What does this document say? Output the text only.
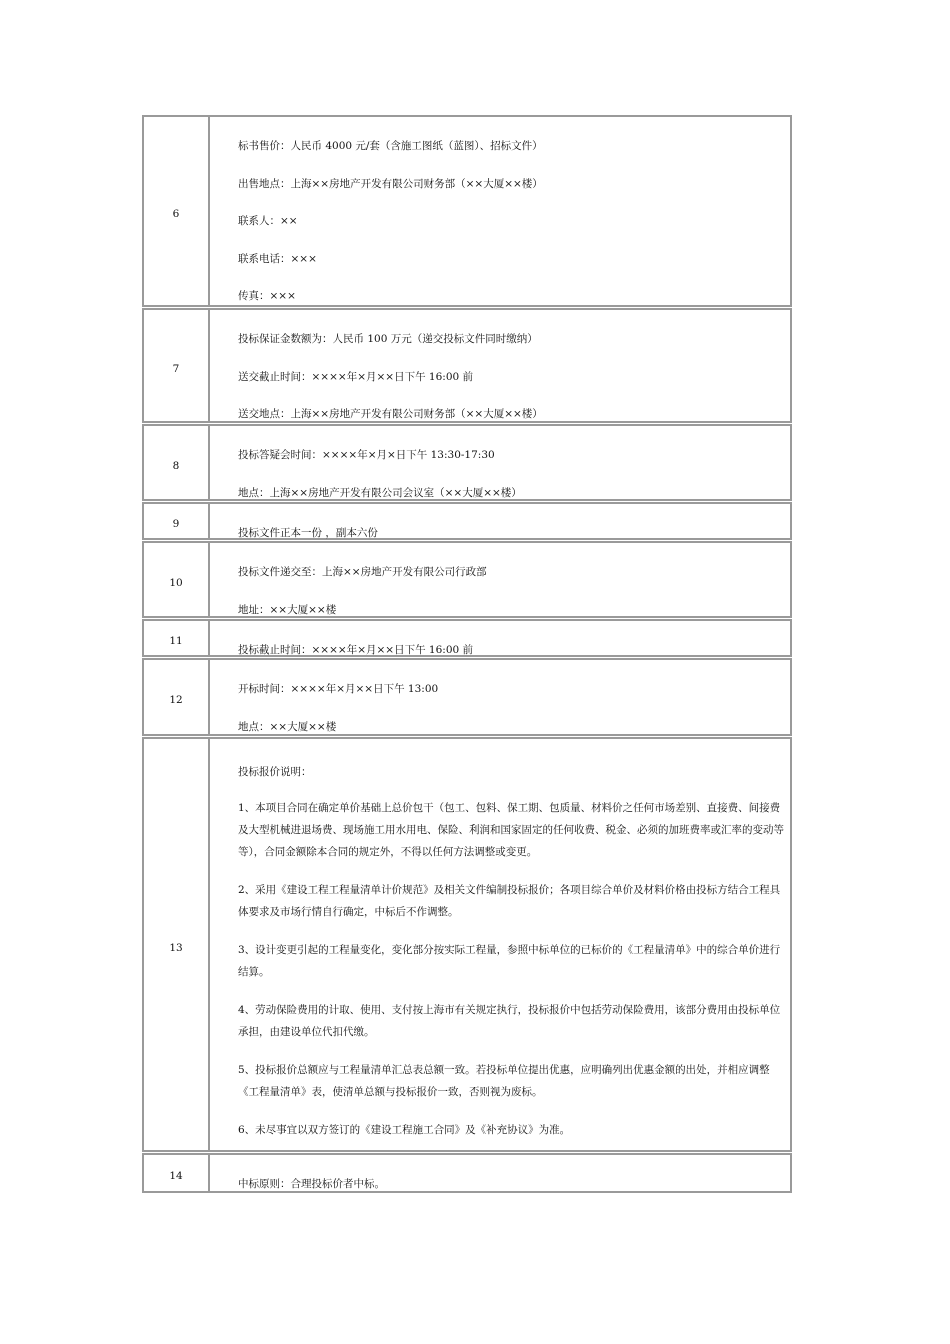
6
标书售价：人民币 4000 元/套（含施工图纸（蓝图）、招标文件）
出售地点：上海××房地产开发有限公司财务部（××大厦××楼）
联系人：××
联系电话：×××
传真：×××
7
投标保证金数额为：人民币 100 万元（递交投标文件同时缴纳）
送交截止时间：××××年×月××日下午 16:00 前
送交地点：上海××房地产开发有限公司财务部（××大厦××楼）
8
投标答疑会时间：××××年×月×日下午 13:30-17:30
地点：上海××房地产开发有限公司会议室（××大厦××楼）
9
投标文件正本一份 ，副本六份
10
投标文件递交至：上海××房地产开发有限公司行政部
地址：××大厦××楼
11
投标截止时间：××××年×月××日下午 16:00 前
12
开标时间：××××年×月××日下午 13:00
地点：××大厦××楼
13
投标报价说明：
1、本项目合同在确定单价基础上总价包干（包工、包料、保工期、包质量、材料价之任何市场差别、直接费、间接费及大型机械进退场费、现场施工用水用电、保险、利润和国家固定的任何收费、税金、必须的加班费率或汇率的变动等等），合同金额除本合同的规定外，不得以任何方法调整或变更。
2、采用《建设工程工程量清单计价规范》及相关文件编制投标报价；各项目综合单价及材料价格由投标方结合工程具体要求及市场行情自行确定，中标后不作调整。
3、设计变更引起的工程量变化，变化部分按实际工程量，参照中标单位的已标价的《工程量清单》中的综合单价进行结算。
4、劳动保险费用的计取、使用、支付按上海市有关规定执行，投标报价中包括劳动保险费用，该部分费用由投标单位承担，由建设单位代扣代缴。
5、投标报价总额应与工程量清单汇总表总额一致。若投标单位提出优惠，应明确列出优惠金额的出处，并相应调整《工程量清单》表，使清单总额与投标报价一致，否则视为废标。
6、未尽事宜以双方签订的《建设工程施工合同》及《补充协议》为准。
14
中标原则：合理投标价者中标。
